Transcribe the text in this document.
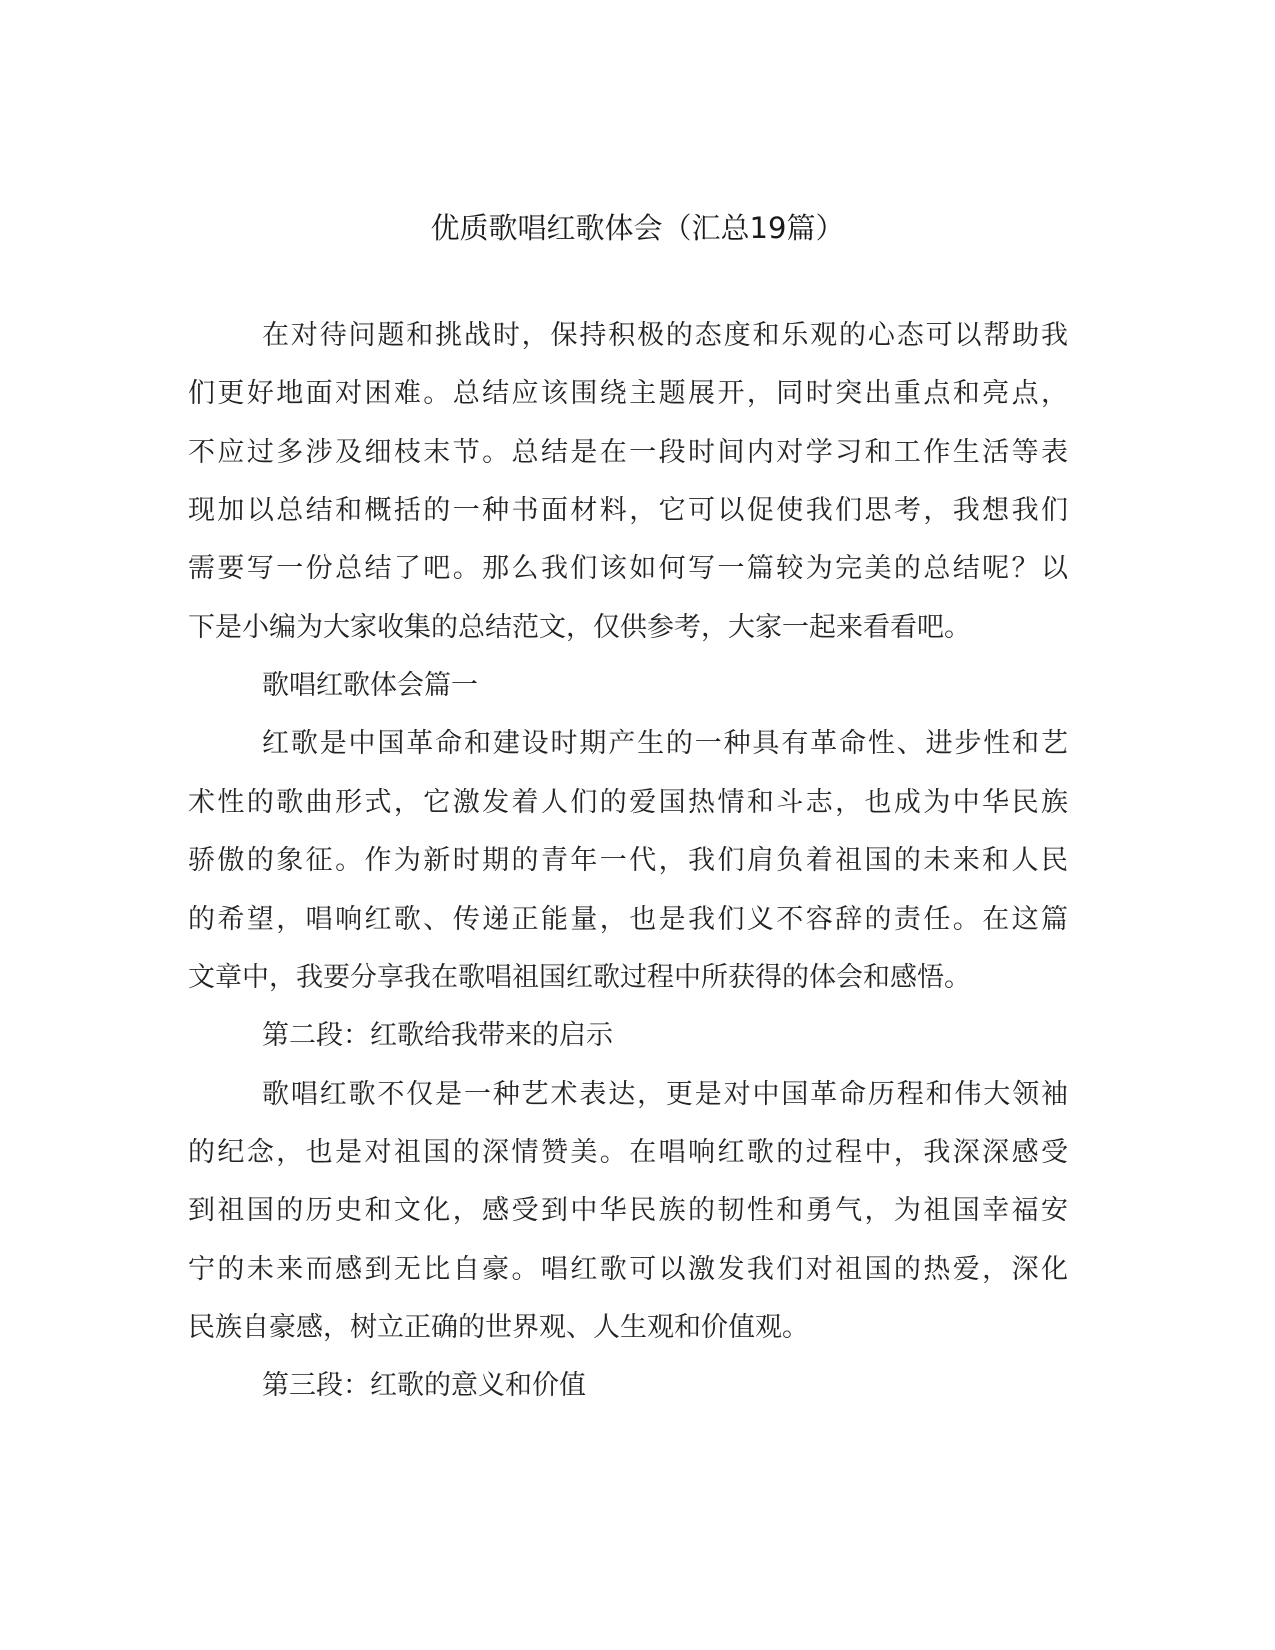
优质歌唱红歌体会（汇总19篇）

在对待问题和挑战时，保持积极的态度和乐观的心态可以帮助我

们更好地面对困难。总结应该围绕主题展开，同时突出重点和亮点，

不应过多涉及细枝末节。总结是在一段时间内对学习和工作生活等表

现加以总结和概括的一种书面材料，它可以促使我们思考，我想我们

需要写一份总结了吧。那么我们该如何写一篇较为完美的总结呢？以

下是小编为大家收集的总结范文，仅供参考，大家一起来看看吧。

歌唱红歌体会篇一

红歌是中国革命和建设时期产生的一种具有革命性、进步性和艺

术性的歌曲形式，它激发着人们的爱国热情和斗志，也成为中华民族

骄傲的象征。作为新时期的青年一代，我们肩负着祖国的未来和人民

的希望，唱响红歌、传递正能量，也是我们义不容辞的责任。在这篇

文章中，我要分享我在歌唱祖国红歌过程中所获得的体会和感悟。

第二段：红歌给我带来的启示

歌唱红歌不仅是一种艺术表达，更是对中国革命历程和伟大领袖

的纪念，也是对祖国的深情赞美。在唱响红歌的过程中，我深深感受

到祖国的历史和文化，感受到中华民族的韧性和勇气，为祖国幸福安

宁的未来而感到无比自豪。唱红歌可以激发我们对祖国的热爱，深化

民族自豪感，树立正确的世界观、人生观和价值观。

第三段：红歌的意义和价值
